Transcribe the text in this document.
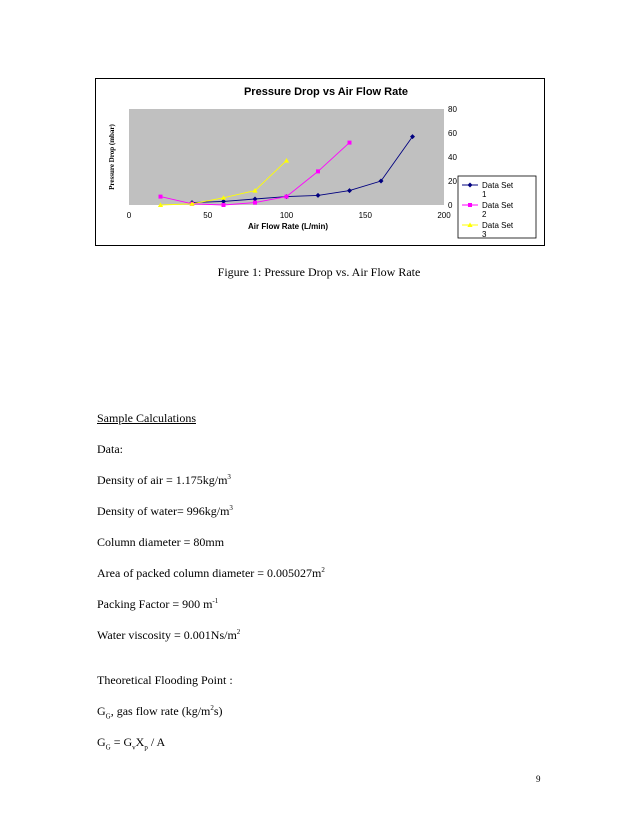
Pressure Drop vs Air Flow Rate
Pressure Drop (mbar)
Air Flow Rate (L/min)
0	50	100	150	200
0
20
40
60
80
Data Set
1
Data Set
2
Data Set
3
Figure 1: Pressure Drop vs. Air Flow Rate
Sample Calculations
Data:
Density of air = $1.175kg/m^3$
Density of water= $996kg/m^3$
Column diameter = 80mm
Area of packed column diameter = $0.005027m^2$
Packing Factor = 900 $m^{-1}$
Water viscosity = $0.001Ns/m^2$
Theoretical Flooding Point :
$G_G$, gas flow rate $(kg/m^2s)$
$G_G = G_vX_p / A$
9
